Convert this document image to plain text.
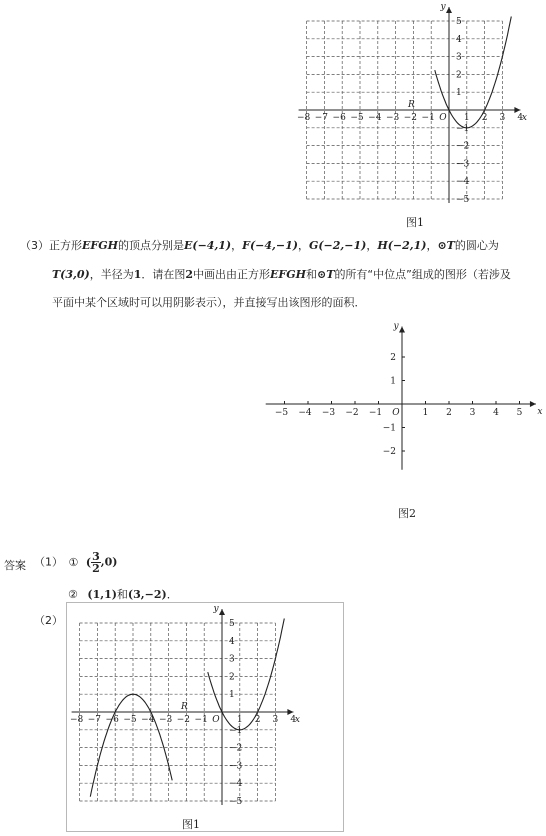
x
y
O
−8 −7 −6 −5 −4 −3 −2 −1	1 2 3 4
5
4
3
2
1
−1
−2
−3
−4
−5
R
图1
（3）正方形EFGH的顶点分别是E(−4,1)，F(−4,−1)，G(−2,−1)，H(−2,1)，⊙T的圆心为
T(3,0)，半径为1．请在图2中画出由正方形EFGH和⊙T的所有“中位点”组成的图形（若涉及
平面中某个区域时可以用阴影表示），并直接写出该图形的面积．
−5 −4 −3 −2 −1	1 2 3 4 5
2
1
−1
−2
x
y
O
图2
答案 （1） ① ( $\frac{3}{2} ,0$)
② (1,1)和(3,−2)．
（2）
x
y
O
−8 −7 −6 −5 −4 −3 −2 −1	1 2 3 4
5
4
3
2
1
−1
−2
−3
−4
−5
R
图1
